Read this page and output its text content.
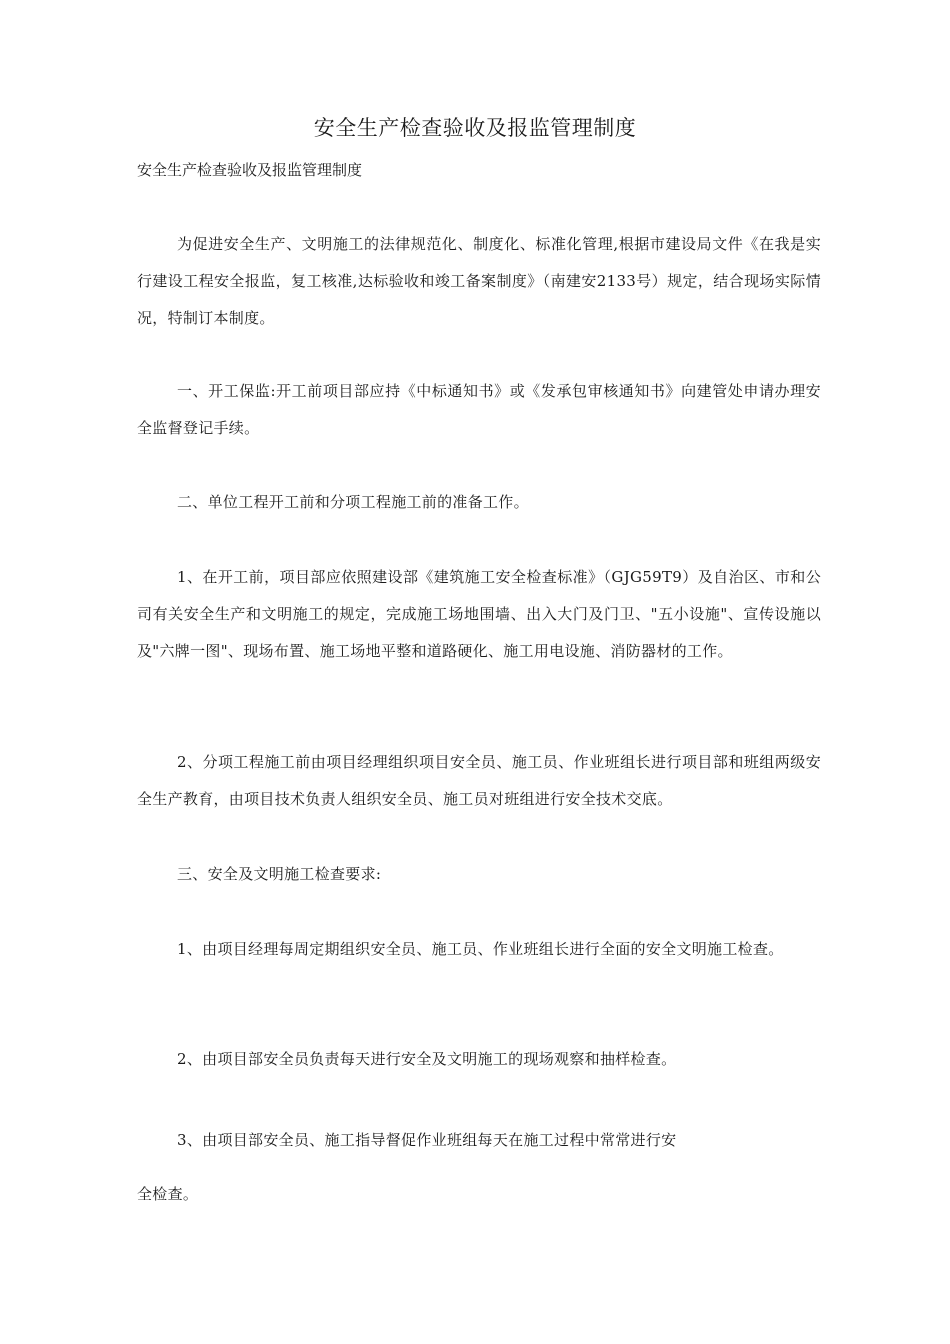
安全生产检查验收及报监管理制度

安全生产检查验收及报监管理制度

为促进安全生产、文明施工的法律规范化、制度化、标准化管理,根据市建设局文件《在我是实行建设工程安全报监，复工核准,达标验收和竣工备案制度》（南建安2133号）规定，结合现场实际情况，特制订本制度。

一、开工保监:开工前项目部应持《中标通知书》或《发承包审核通知书》向建管处申请办理安全监督登记手续。

二、单位工程开工前和分项工程施工前的准备工作。

1、在开工前，项目部应依照建设部《建筑施工安全检查标准》（GJG59T9）及自治区、市和公司有关安全生产和文明施工的规定，完成施工场地围墙、出入大门及门卫、"五小设施"、宣传设施以及"六牌一图"、现场布置、施工场地平整和道路硬化、施工用电设施、消防器材的工作。

2、分项工程施工前由项目经理组织项目安全员、施工员、作业班组长进行项目部和班组两级安全生产教育，由项目技术负责人组织安全员、施工员对班组进行安全技术交底。

三、安全及文明施工检查要求:

1、由项目经理每周定期组织安全员、施工员、作业班组长进行全面的安全文明施工检查。

2、由项目部安全员负责每天进行安全及文明施工的现场观察和抽样检查。

3、由项目部安全员、施工指导督促作业班组每天在施工过程中常常进行安

全检查。
